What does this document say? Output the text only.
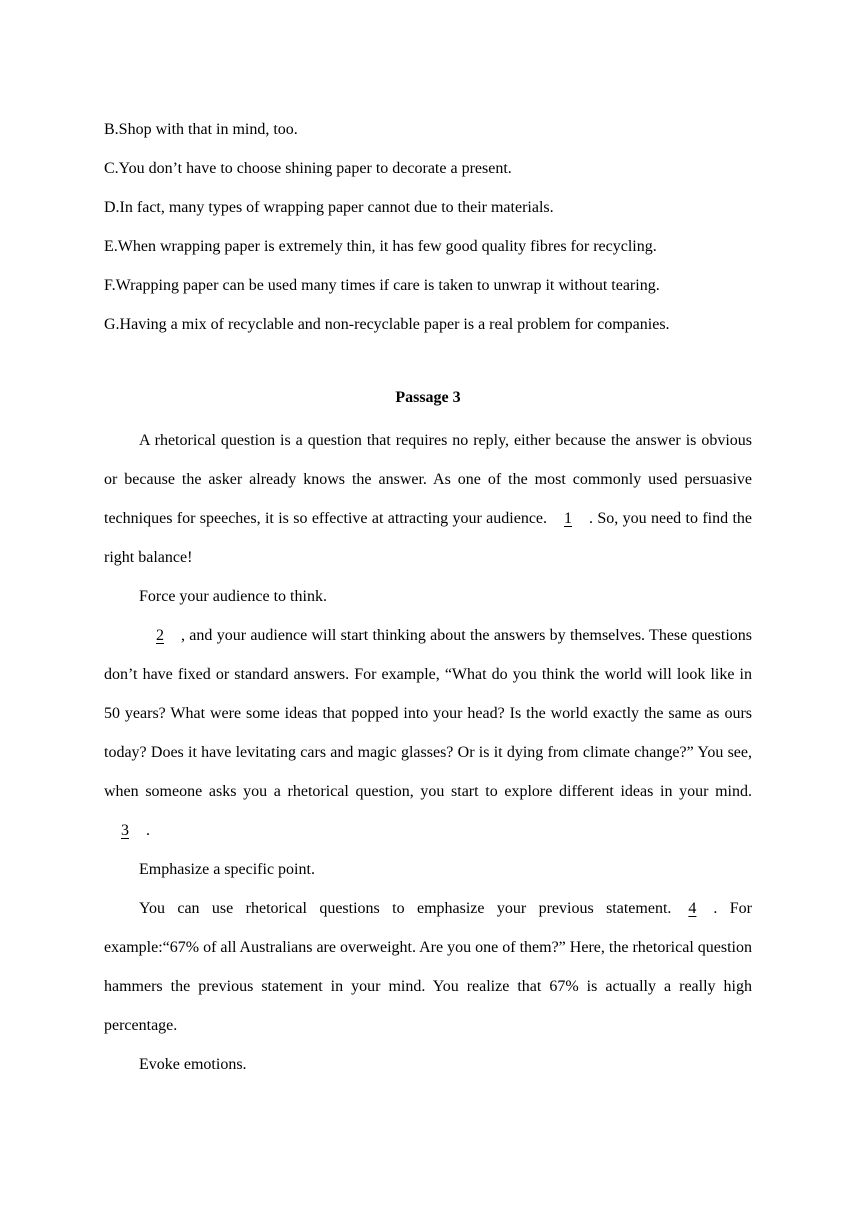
B.Shop with that in mind, too.
C.You don’t have to choose shining paper to decorate a present.
D.In fact, many types of wrapping paper cannot due to their materials.
E.When wrapping paper is extremely thin, it has few good quality fibres for recycling.
F.Wrapping paper can be used many times if care is taken to unwrap it without tearing.
G.Having a mix of recyclable and non-recyclable paper is a real problem for companies.
Passage 3

A rhetorical question is a question that requires no reply, either because the answer is obvious or because the asker already knows the answer. As one of the most commonly used persuasive techniques for speeches, it is so effective at attracting your audience. 1 . So, you need to find the right balance!

Force your audience to think.

2 , and your audience will start thinking about the answers by themselves. These questions don’t have fixed or standard answers. For example, “What do you think the world will look like in 50 years? What were some ideas that popped into your head? Is the world exactly the same as ours today? Does it have levitating cars and magic glasses? Or is it dying from climate change?” You see, when someone asks you a rhetorical question, you start to explore different ideas in your mind.3 .

Emphasize a specific point.

You can use rhetorical questions to emphasize your previous statement. 4 . For example:“67% of all Australians are overweight. Are you one of them?” Here, the rhetorical question hammers the previous statement in your mind. You realize that 67% is actually a really high percentage.

Evoke emotions.
